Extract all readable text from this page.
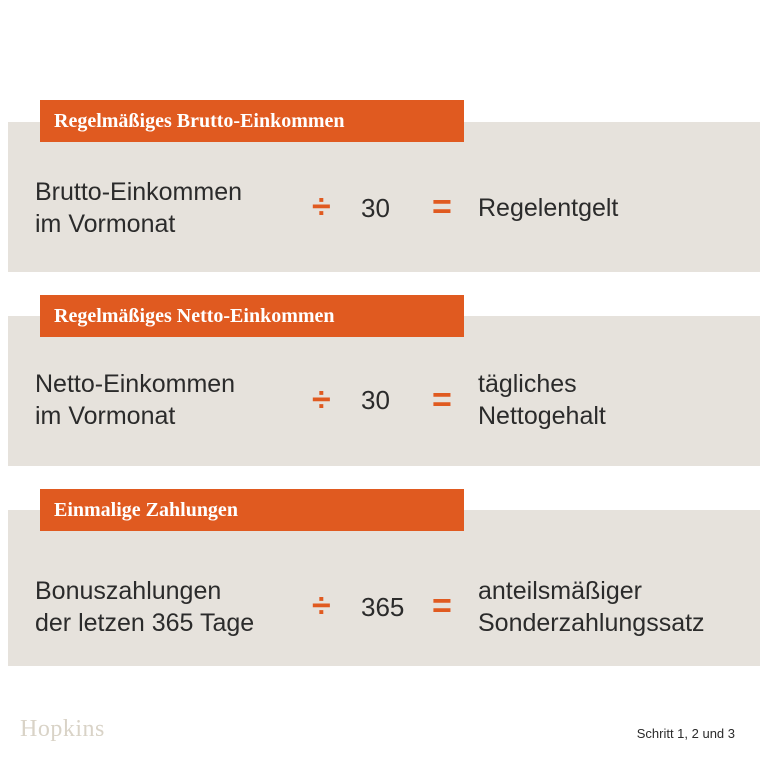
Regelmäßiges Brutto-Einkommen
Brutto-Einkommen
im Vormonat	÷ 30 = Regelentgelt
Regelmäßiges Netto-Einkommen
Netto-Einkommen
im Vormonat	÷ 30 = tägliches
Nettogehalt
Einmalige Zahlungen
Bonuszahlungen
der letzen 365 Tage ÷ 365 = anteilsmäßiger
Sonderzahlungssatz
Hopkins	Schritt 1, 2 und 3
